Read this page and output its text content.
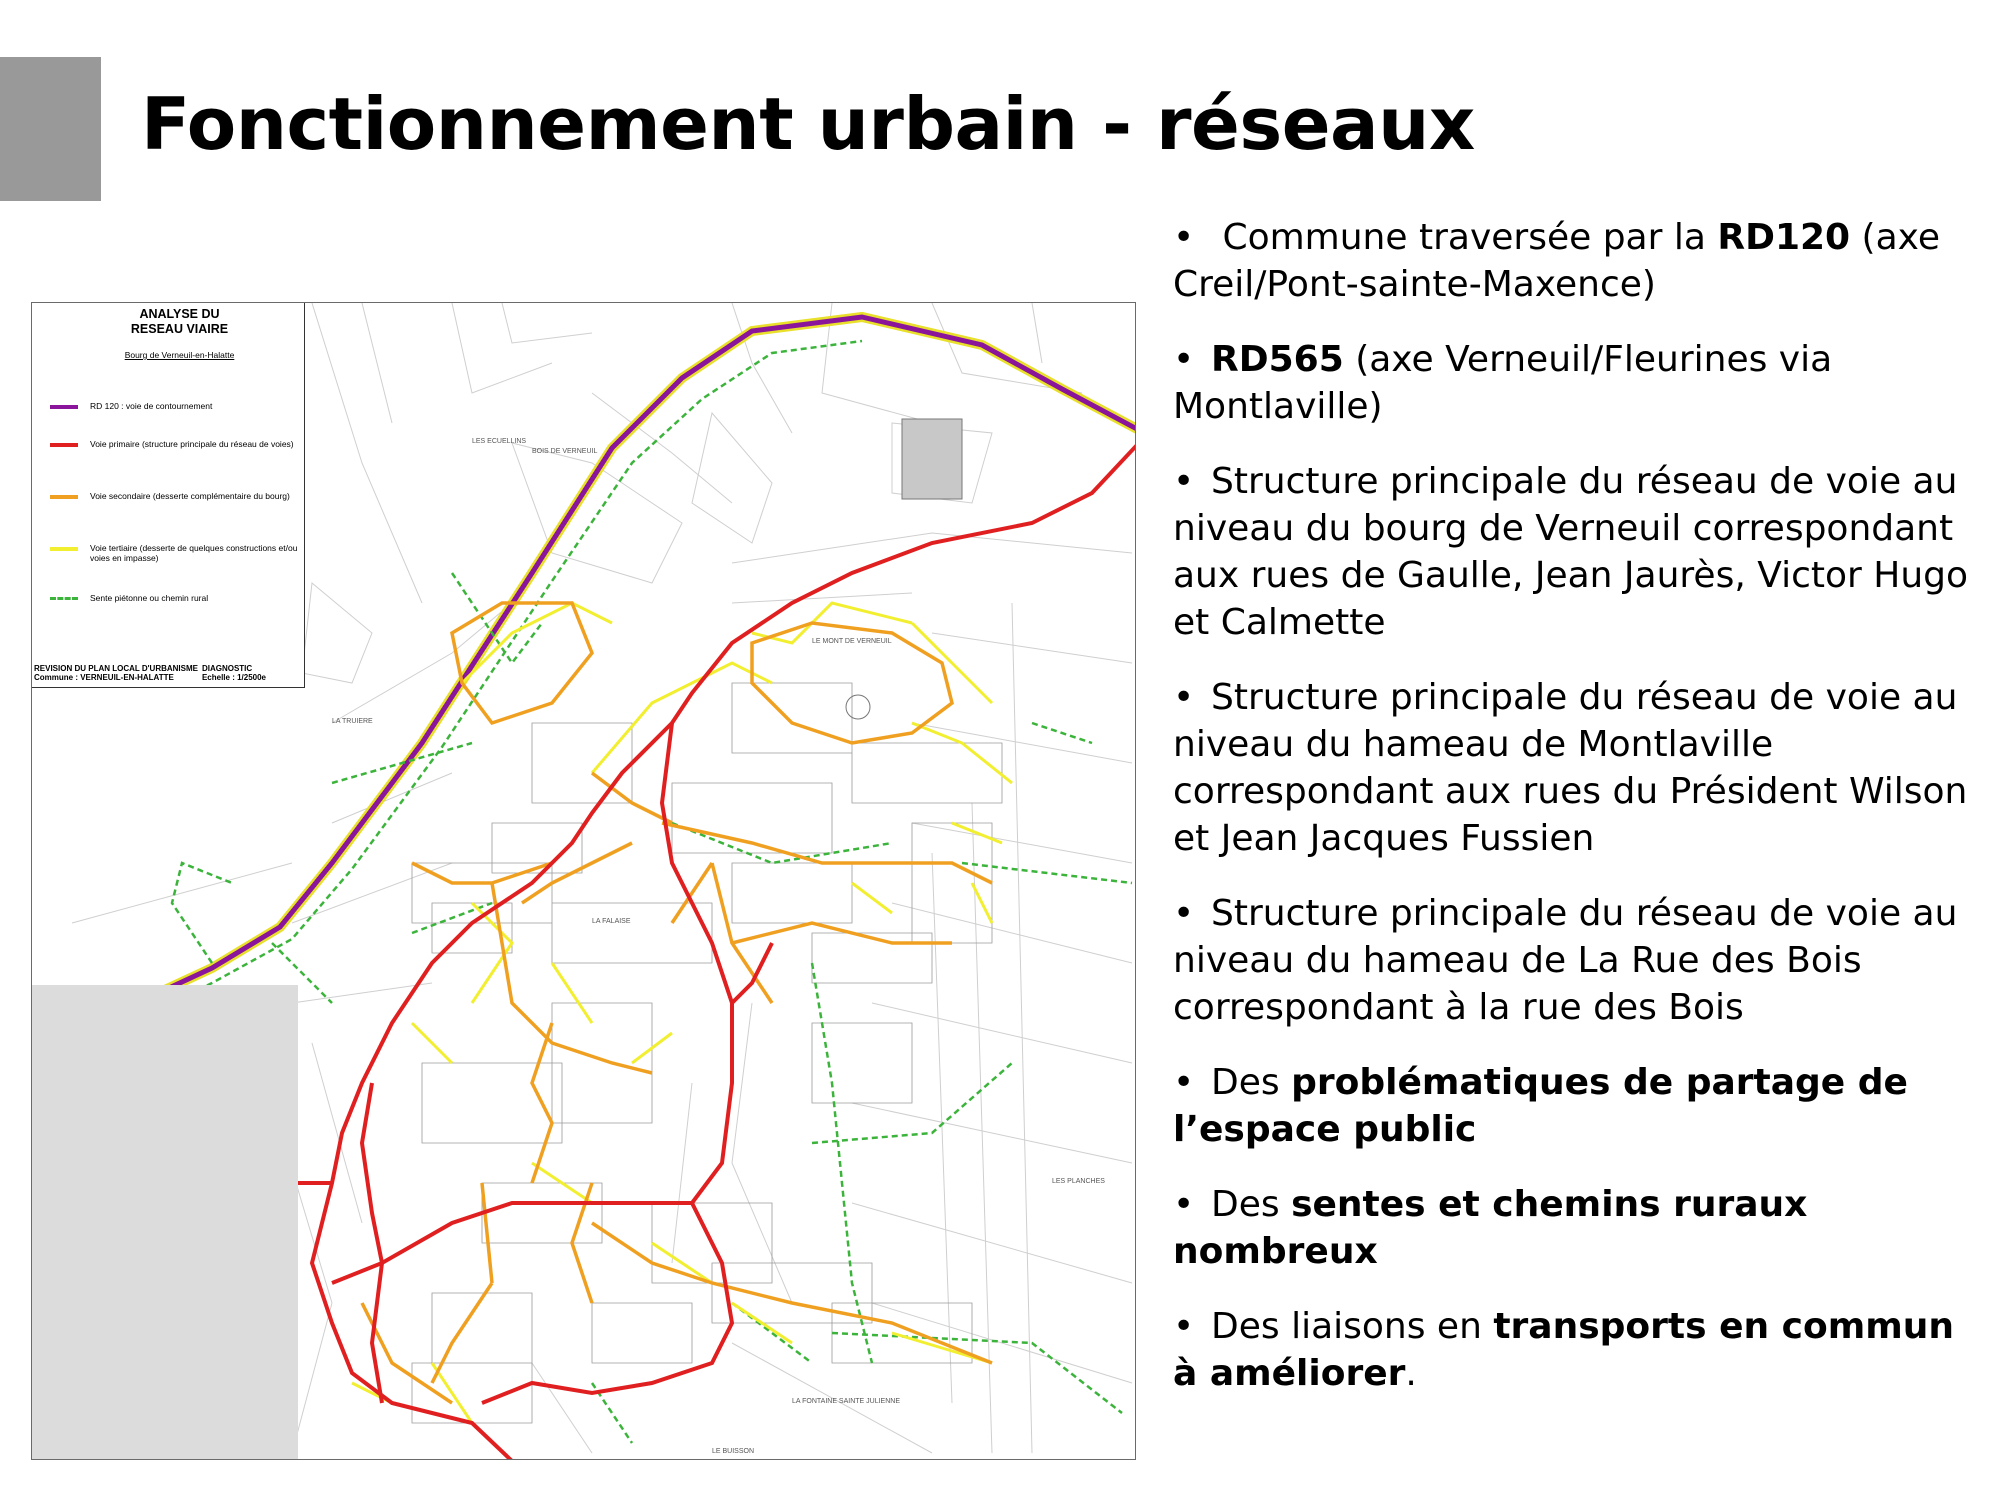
Fonctionnement urbain - réseaux
LES ECUELLINS
BOIS DE VERNEUIL
LA TRUIERE
LE MONT DE VERNEUIL
LA FALAISE
LES PLANCHES
LA FONTAINE SAINTE JULIENNE
LE BUISSON
ANALYSE DU
RESEAU VIAIRE
Bourg de Verneuil-en-Halatte
RD 120 : voie de contournement
Voie primaire (structure principale du réseau de voies)
Voie secondaire (desserte complémentaire du bourg)
Voie tertiaire (desserte de quelques constructions et/ou voies en impasse)
Sente piétonne ou chemin rural
REVISION DU PLAN LOCAL D'URBANISME
Commune : VERNEUIL-EN-HALATTE
DIAGNOSTIC
Echelle : 1/2500e

• Commune traversée par la RD120 (axe Creil/Pont-sainte-Maxence)

• RD565 (axe Verneuil/Fleurines via Montlaville)

• Structure principale du réseau de voie au niveau du bourg de Verneuil correspondant aux rues de Gaulle, Jean Jaurès, Victor Hugo et Calmette

• Structure principale du réseau de voie au niveau du hameau de Montlaville correspondant aux rues du Président Wilson et Jean Jacques Fussien

• Structure principale du réseau de voie au niveau du hameau de La Rue des Bois correspondant à la rue des Bois

• Des problématiques de partage de l’espace public

• Des sentes et chemins ruraux nombreux

• Des liaisons en transports en commun à améliorer.
